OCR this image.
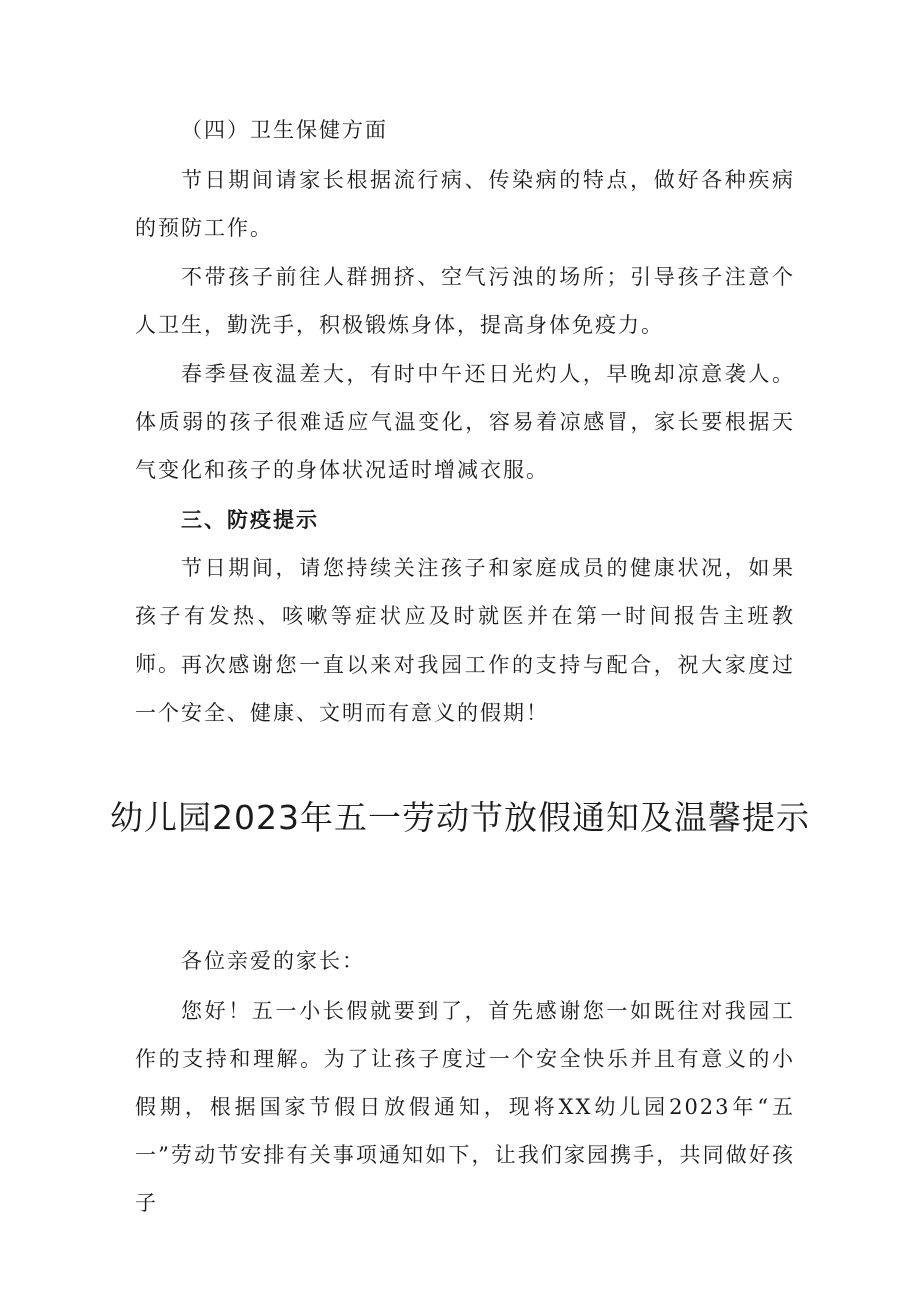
（四）卫生保健方面
节日期间请家长根据流行病、传染病的特点，做好各种疾病的预防工作。
不带孩子前往人群拥挤、空气污浊的场所；引导孩子注意个人卫生，勤洗手，积极锻炼身体，提高身体免疫力。
春季昼夜温差大，有时中午还日光灼人，早晚却凉意袭人。体质弱的孩子很难适应气温变化，容易着凉感冒，家长要根据天气变化和孩子的身体状况适时增减衣服。
三、防疫提示
节日期间，请您持续关注孩子和家庭成员的健康状况，如果孩子有发热、咳嗽等症状应及时就医并在第一时间报告主班教师。 再次感谢您一直以来对我园工作的支持与配合，祝大家度过一个安全、健康、文明而有意义的假期！
幼儿园2023年五一劳动节放假通知及温馨提示
各位亲爱的家长：
您好！五一小长假就要到了，首先感谢您一如既往对我园工作的支持和理解。为了让孩子度过一个安全快乐并且有意义的小假期，根据国家节假日放假通知，现将XX幼儿园2023年“五一”劳动节安排有关事项通知如下，让我们家园携手，共同做好孩子
